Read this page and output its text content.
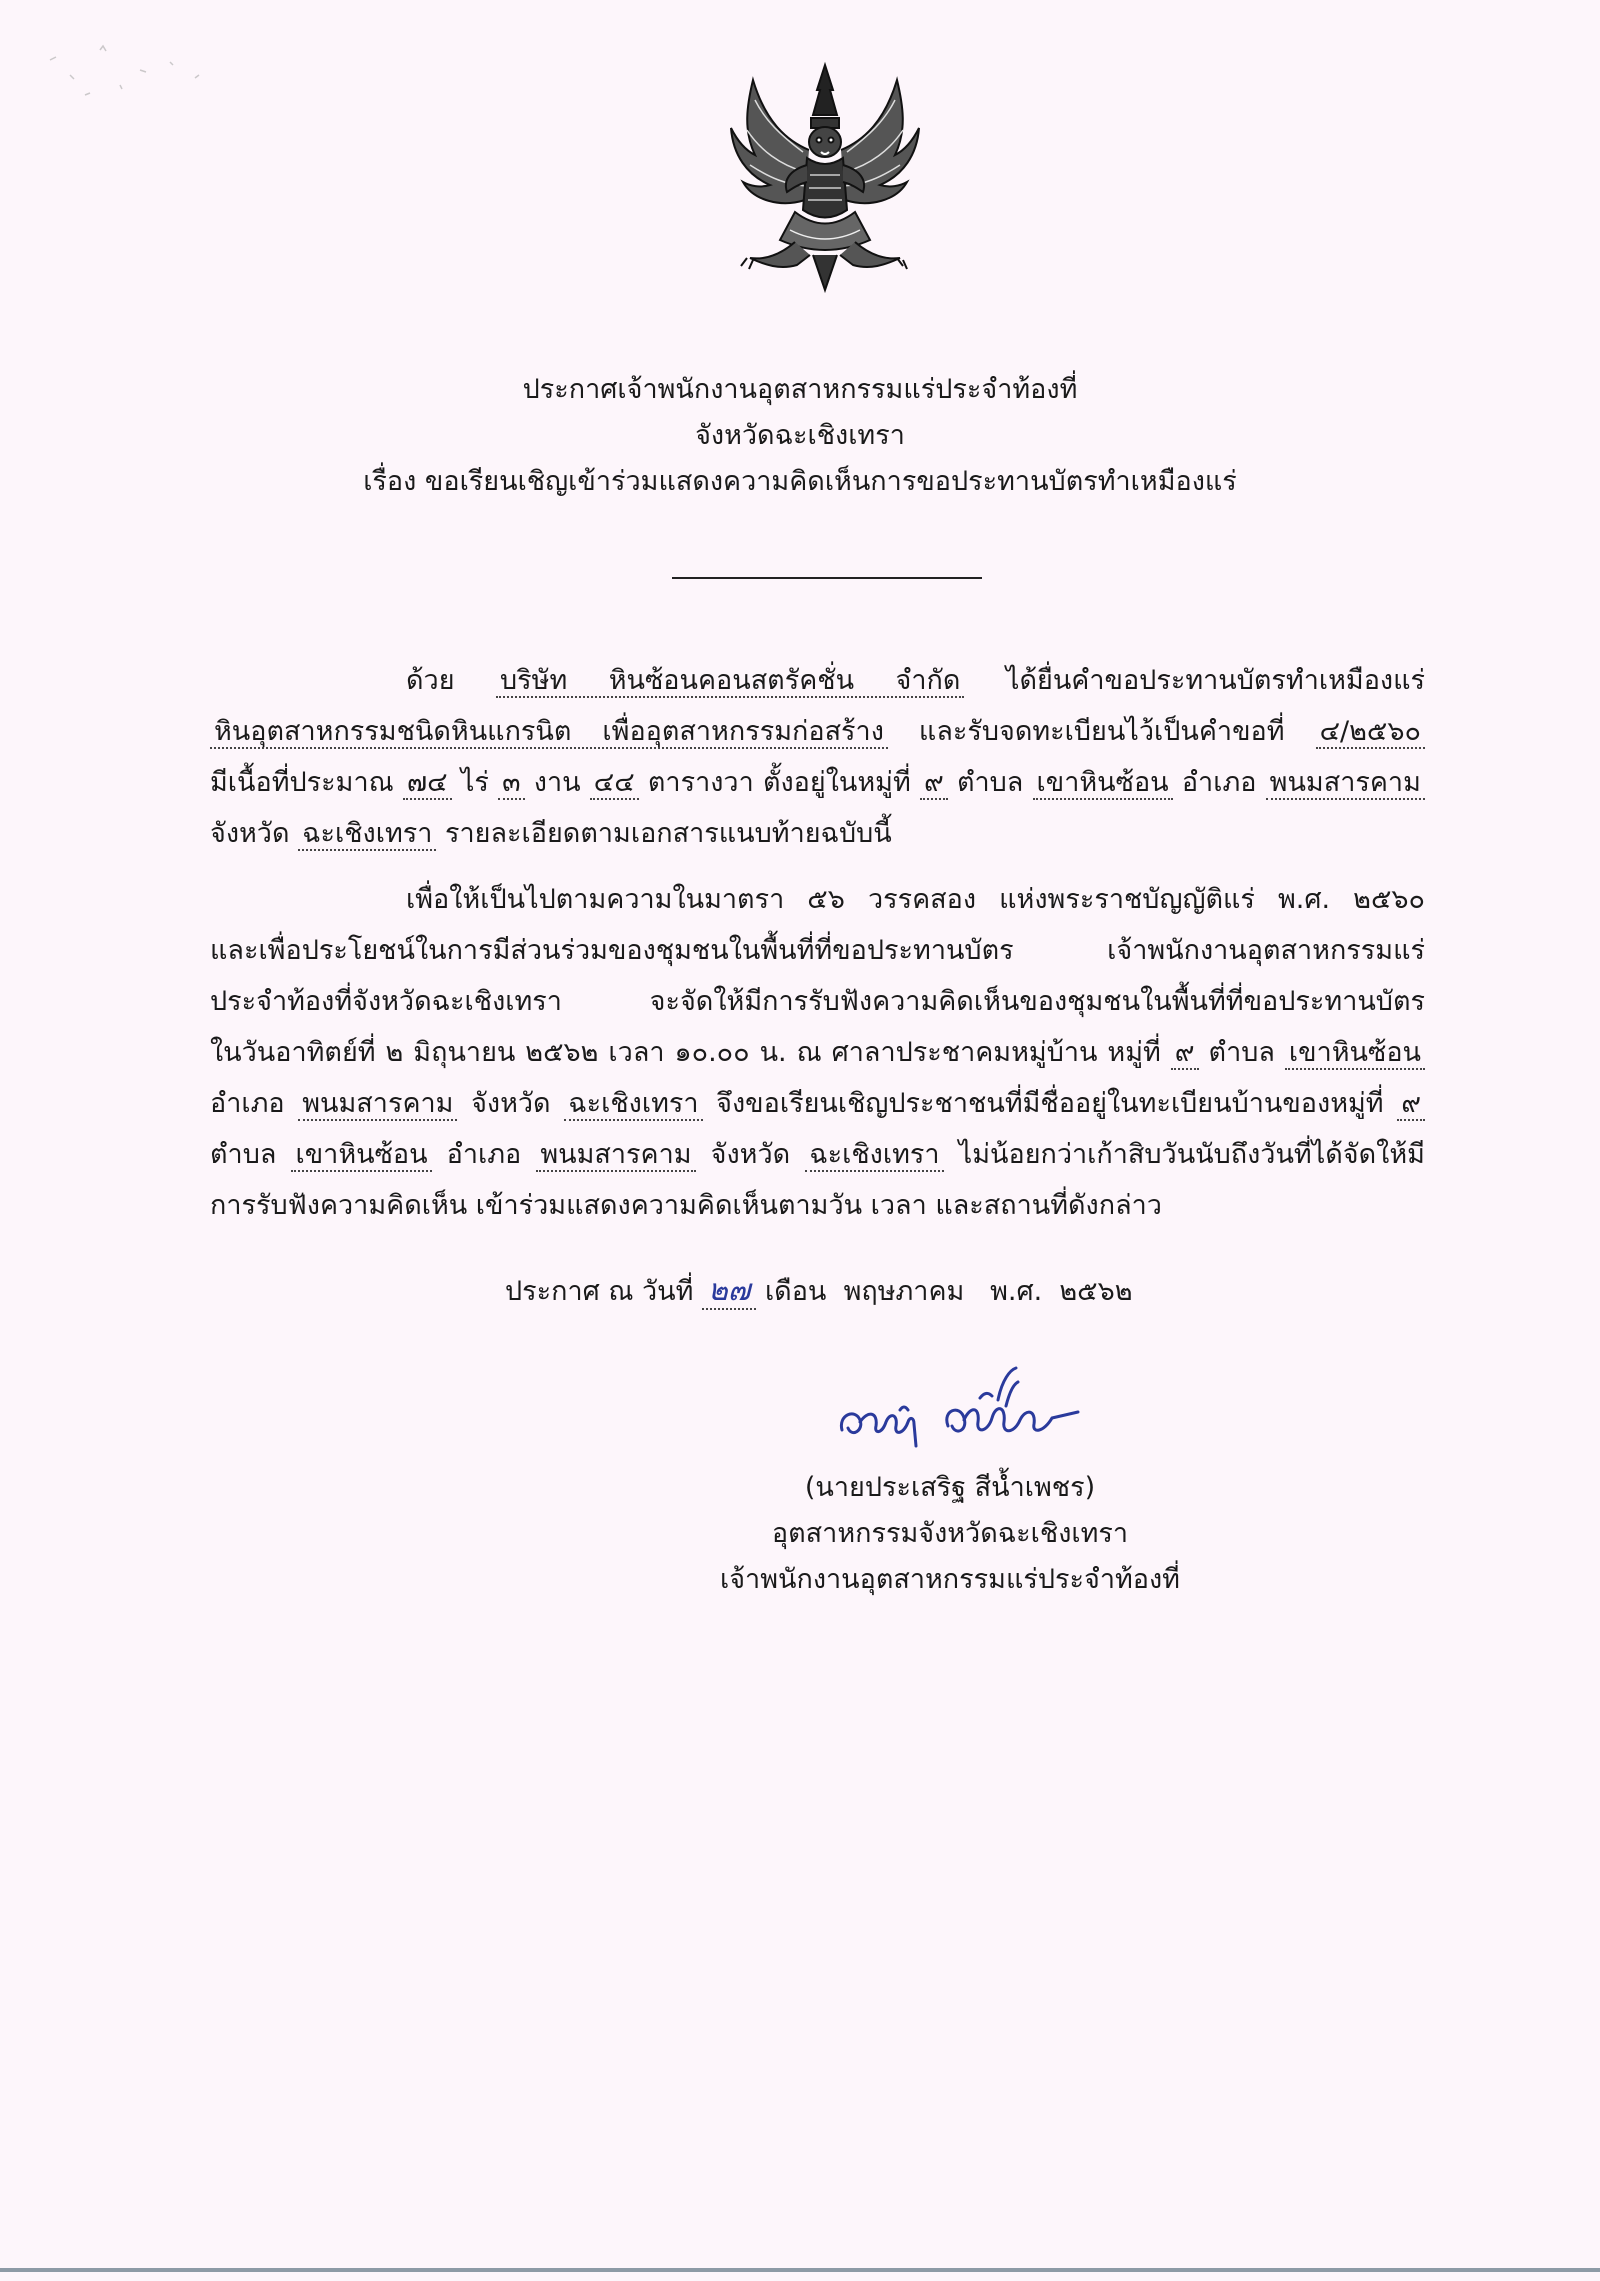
ประกาศเจ้าพนักงานอุตสาหกรรมแร่ประจำท้องที่
จังหวัดฉะเชิงเทรา
เรื่อง ขอเรียนเชิญเข้าร่วมแสดงความคิดเห็นการขอประทานบัตรทำเหมืองแร่
ด้วย บริษัท หินซ้อนคอนสตรัคชั่น จำกัด ได้ยื่นคำขอประทานบัตรทำเหมืองแร่
หินอุตสาหกรรมชนิดหินแกรนิต เพื่ออุตสาหกรรมก่อสร้าง และรับจดทะเบียนไว้เป็นคำขอที่ ๔/๒๕๖๐
มีเนื้อที่ประมาณ ๗๔ ไร่ ๓ งาน ๔๔ ตารางวา ตั้งอยู่ในหมู่ที่ ๙ ตำบล เขาหินซ้อน อำเภอ พนมสารคาม
จังหวัด ฉะเชิงเทรา รายละเอียดตามเอกสารแนบท้ายฉบับนี้
เพื่อให้เป็นไปตามความในมาตรา ๕๖ วรรคสอง แห่งพระราชบัญญัติแร่ พ.ศ. ๒๕๖๐
และเพื่อประโยชน์ในการมีส่วนร่วมของชุมชนในพื้นที่ที่ขอประทานบัตร เจ้าพนักงานอุตสาหกรรมแร่
ประจำท้องที่จังหวัดฉะเชิงเทรา จะจัดให้มีการรับฟังความคิดเห็นของชุมชนในพื้นที่ที่ขอประทานบัตร
ในวันอาทิตย์ที่ ๒ มิถุนายน ๒๕๖๒ เวลา ๑๐.๐๐ น. ณ ศาลาประชาคมหมู่บ้าน หมู่ที่ ๙ ตำบล เขาหินซ้อน
อำเภอ พนมสารคาม จังหวัด ฉะเชิงเทรา จึงขอเรียนเชิญประชาชนที่มีชื่ออยู่ในทะเบียนบ้านของหมู่ที่ ๙
ตำบล เขาหินซ้อน อำเภอ พนมสารคาม จังหวัด ฉะเชิงเทรา ไม่น้อยกว่าเก้าสิบวันนับถึงวันที่ได้จัดให้มี
การรับฟังความคิดเห็น เข้าร่วมแสดงความคิดเห็นตามวัน เวลา และสถานที่ดังกล่าว
ประกาศ ณ วันที่ ๒๗ เดือน พฤษภาคม พ.ศ. ๒๕๖๒
(นายประเสริฐ สีน้ำเพชร)
อุตสาหกรรมจังหวัดฉะเชิงเทรา
เจ้าพนักงานอุตสาหกรรมแร่ประจำท้องที่
